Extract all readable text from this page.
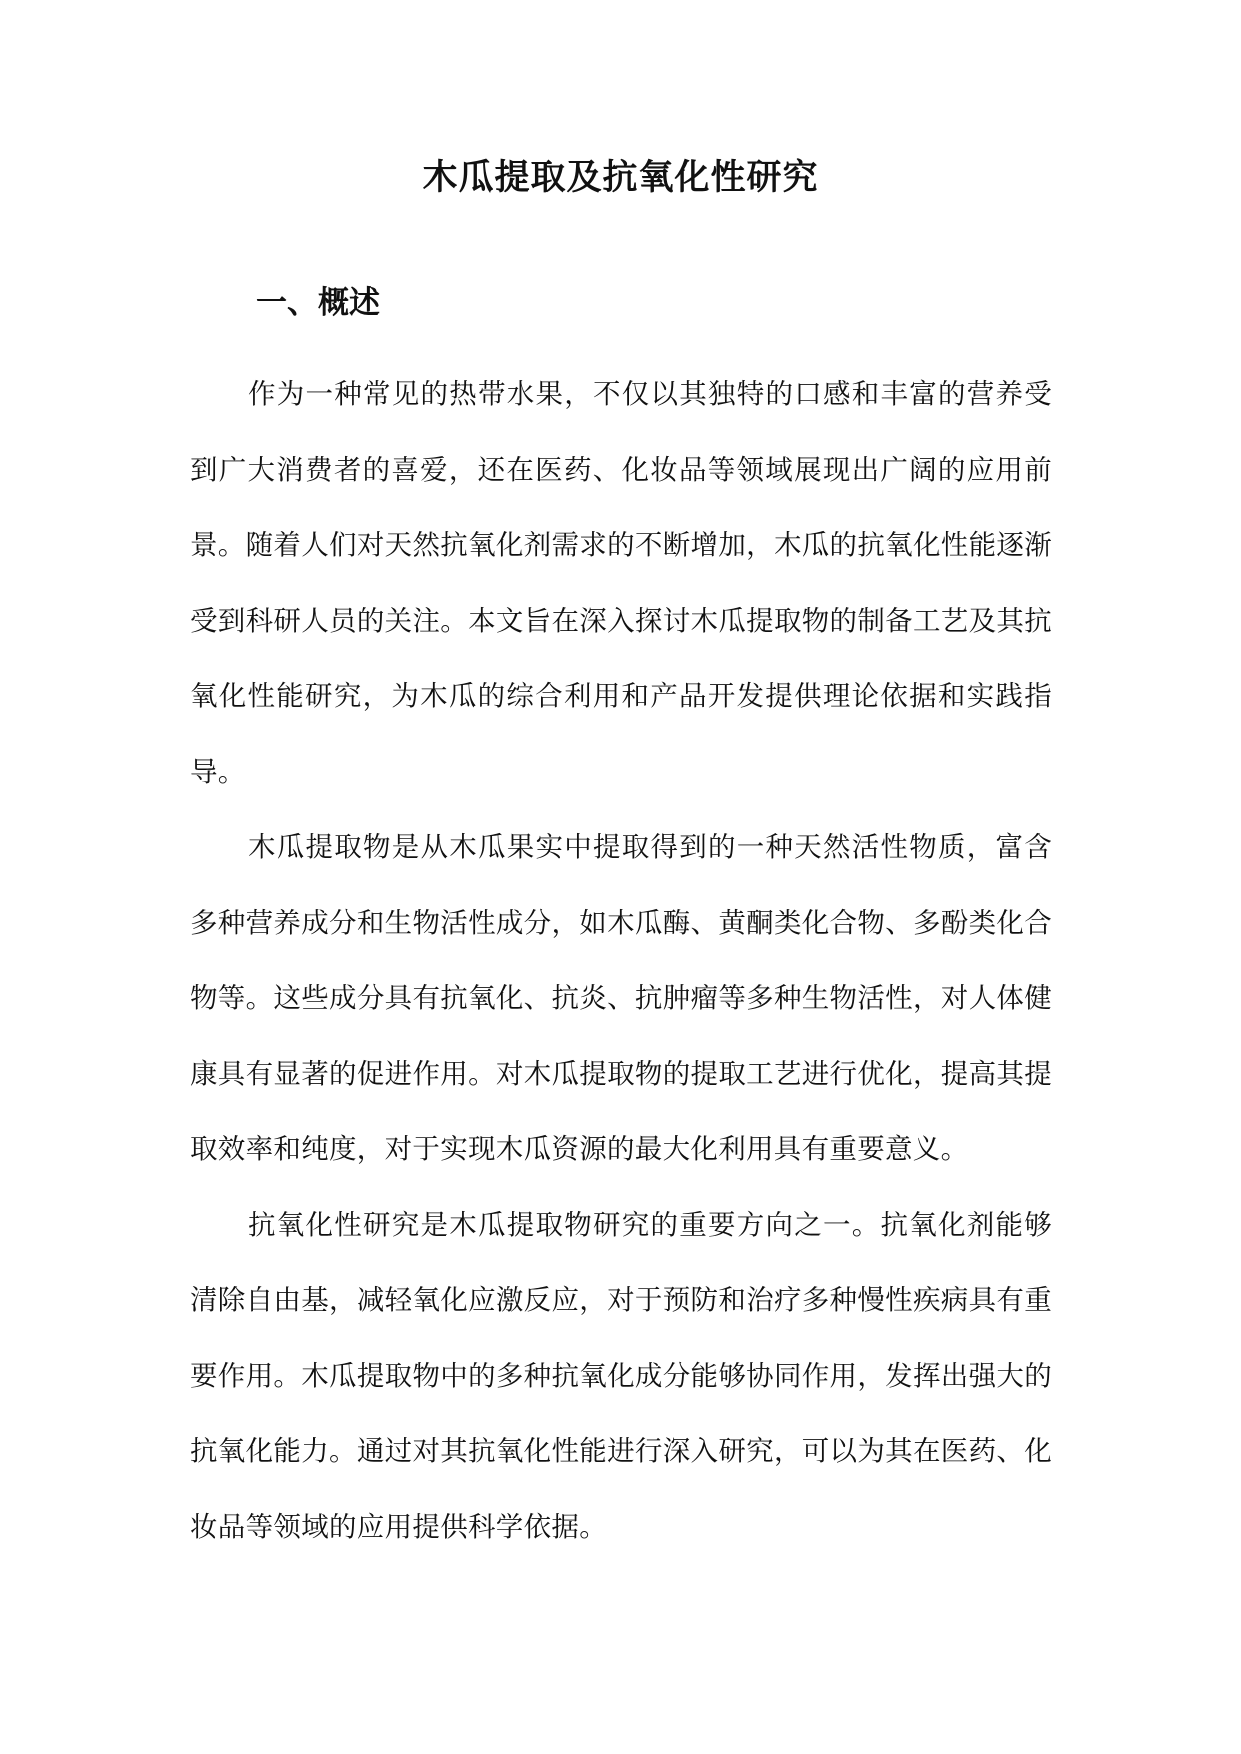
木瓜提取及抗氧化性研究
一、概述

作为一种常见的热带水果，不仅以其独特的口感和丰富的营养受到广大消费者的喜爱，还在医药、化妆品等领域展现出广阔的应用前景。随着人们对天然抗氧化剂需求的不断增加，木瓜的抗氧化性能逐渐受到科研人员的关注。本文旨在深入探讨木瓜提取物的制备工艺及其抗氧化性能研究，为木瓜的综合利用和产品开发提供理论依据和实践指导。

木瓜提取物是从木瓜果实中提取得到的一种天然活性物质，富含多种营养成分和生物活性成分，如木瓜酶、黄酮类化合物、多酚类化合物等。这些成分具有抗氧化、抗炎、抗肿瘤等多种生物活性，对人体健康具有显著的促进作用。对木瓜提取物的提取工艺进行优化，提高其提取效率和纯度，对于实现木瓜资源的最大化利用具有重要意义。

抗氧化性研究是木瓜提取物研究的重要方向之一。抗氧化剂能够清除自由基，减轻氧化应激反应，对于预防和治疗多种慢性疾病具有重要作用。木瓜提取物中的多种抗氧化成分能够协同作用，发挥出强大的抗氧化能力。通过对其抗氧化性能进行深入研究，可以为其在医药、化妆品等领域的应用提供科学依据。
